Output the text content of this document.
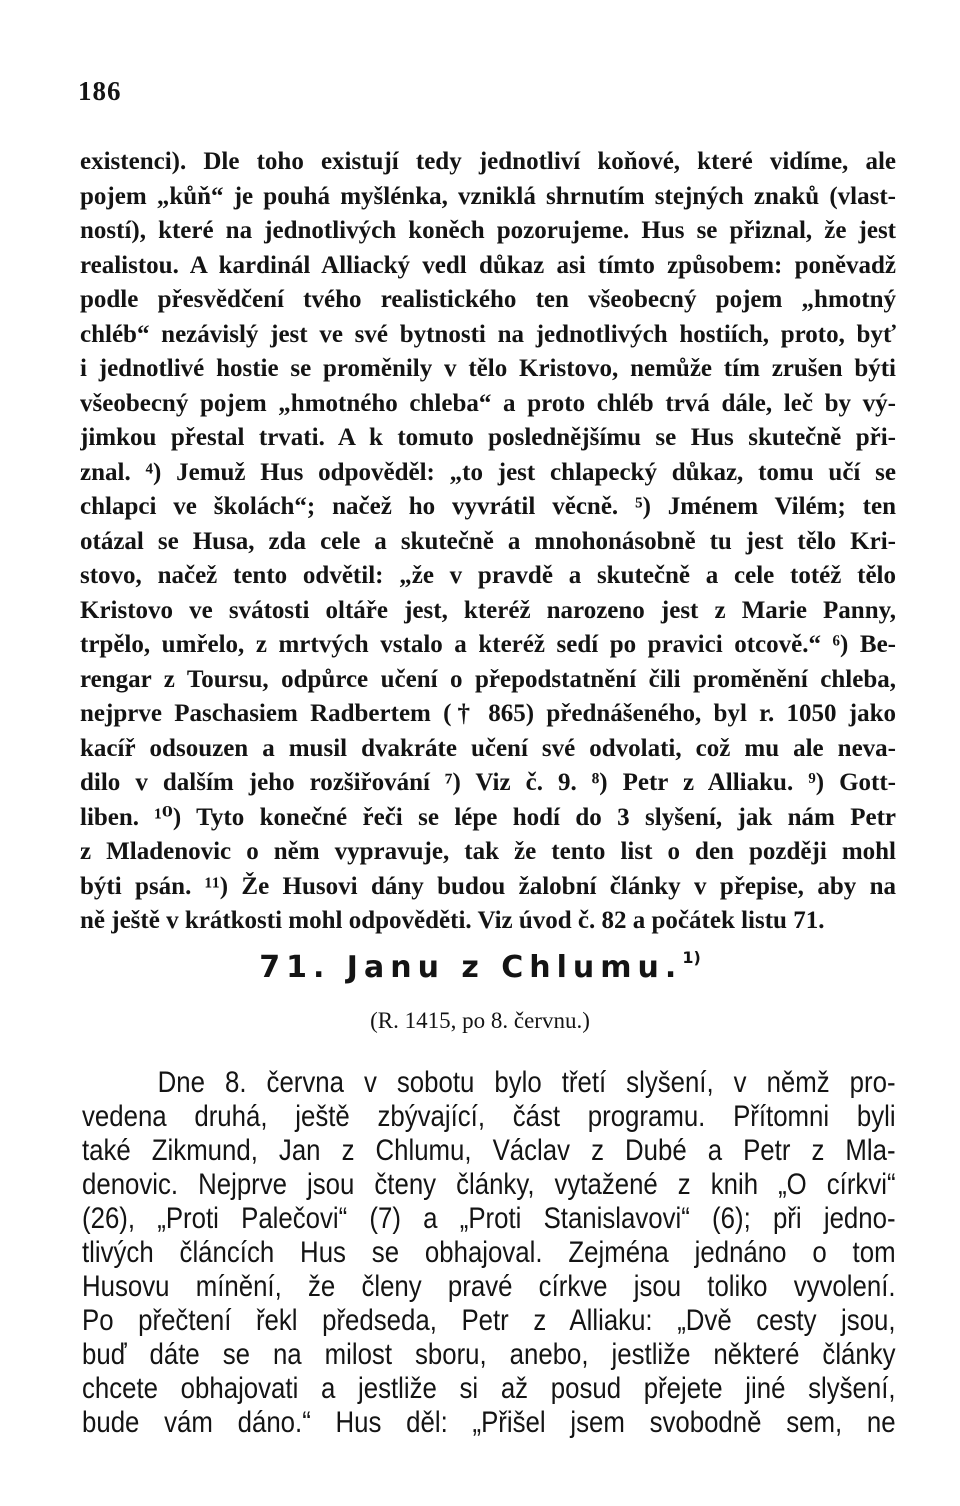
186
existenci). Dle toho existují tedy jednotliví koňové, které vidíme, ale
pojem „kůň“ je pouhá myšlénka, vzniklá shrnutím stejných znaků (vlast-
ností), které na jednotlivých koněch pozorujeme. Hus se přiznal, že jest
realistou. A kardinál Alliacký vedl důkaz asi tímto způsobem: poněvadž
podle přesvědčení tvého realistického ten všeobecný pojem „hmotný
chléb“ nezávislý jest ve své bytnosti na jednotlivých hostiích, proto, byť
i jednotlivé hostie se proměnily v tělo Kristovo, nemůže tím zrušen býti
všeobecný pojem „hmotného chleba“ a proto chléb trvá dále, leč by vý-
jimkou přestal trvati. A k tomuto poslednějšímu se Hus skutečně při-
znal. ⁴) Jemuž Hus odpověděl: „to jest chlapecký důkaz, tomu učí se
chlapci ve školách“; načež ho vyvrátil věcně. ⁵) Jménem Vilém; ten
otázal se Husa, zda cele a skutečně a mnohonásobně tu jest tělo Kri-
stovo, načež tento odvětil: „že v pravdě a skutečně a cele totéž tělo
Kristovo ve svátosti oltáře jest, kteréž narozeno jest z Marie Panny,
trpělo, umřelo, z mrtvých vstalo a kteréž sedí po pravici otcově.“ ⁶) Be-
rengar z Toursu, odpůrce učení o přepodstatnění čili proměnění chleba,
nejprve Paschasiem Radbertem († 865) přednášeného, byl r. 1050 jako
kacíř odsouzen a musil dvakráte učení své odvolati, což mu ale neva-
dilo v dalším jeho rozšiřování ⁷) Viz č. 9. ⁸) Petr z Alliaku. ⁹) Gott-
liben. ¹⁰) Tyto konečné řeči se lépe hodí do 3 slyšení, jak nám Petr
z Mladenovic o něm vypravuje, tak že tento list o den později mohl
býti psán. ¹¹) Že Husovi dány budou žalobní články v přepise, aby na
ně ještě v krátkosti mohl odpověděti. Viz úvod č. 82 a počátek listu 71.
71. Janu z Chlumu.$^{1)}$
(R. 1415, po 8. červnu.)
Dne 8. června v sobotu bylo třetí slyšení, v němž pro-
vedena druhá, ještě zbývající, část programu. Přítomni byli
také Zikmund, Jan z Chlumu, Václav z Dubé a Petr z Mla-
denovic. Nejprve jsou čteny články, vytažené z knih „O církvi“
(26), „Proti Palečovi“ (7) a „Proti Stanislavovi“ (6); při jedno-
tlivých článcích Hus se obhajoval. Zejména jednáno o tom
Husovu mínění, že členy pravé církve jsou toliko vyvolení.
Po přečtení řekl předseda, Petr z Alliaku: „Dvě cesty jsou,
buď dáte se na milost sboru, anebo, jestliže některé články
chcete obhajovati a jestliže si až posud přejete jiné slyšení,
bude vám dáno.“ Hus děl: „Přišel jsem svobodně sem, ne
